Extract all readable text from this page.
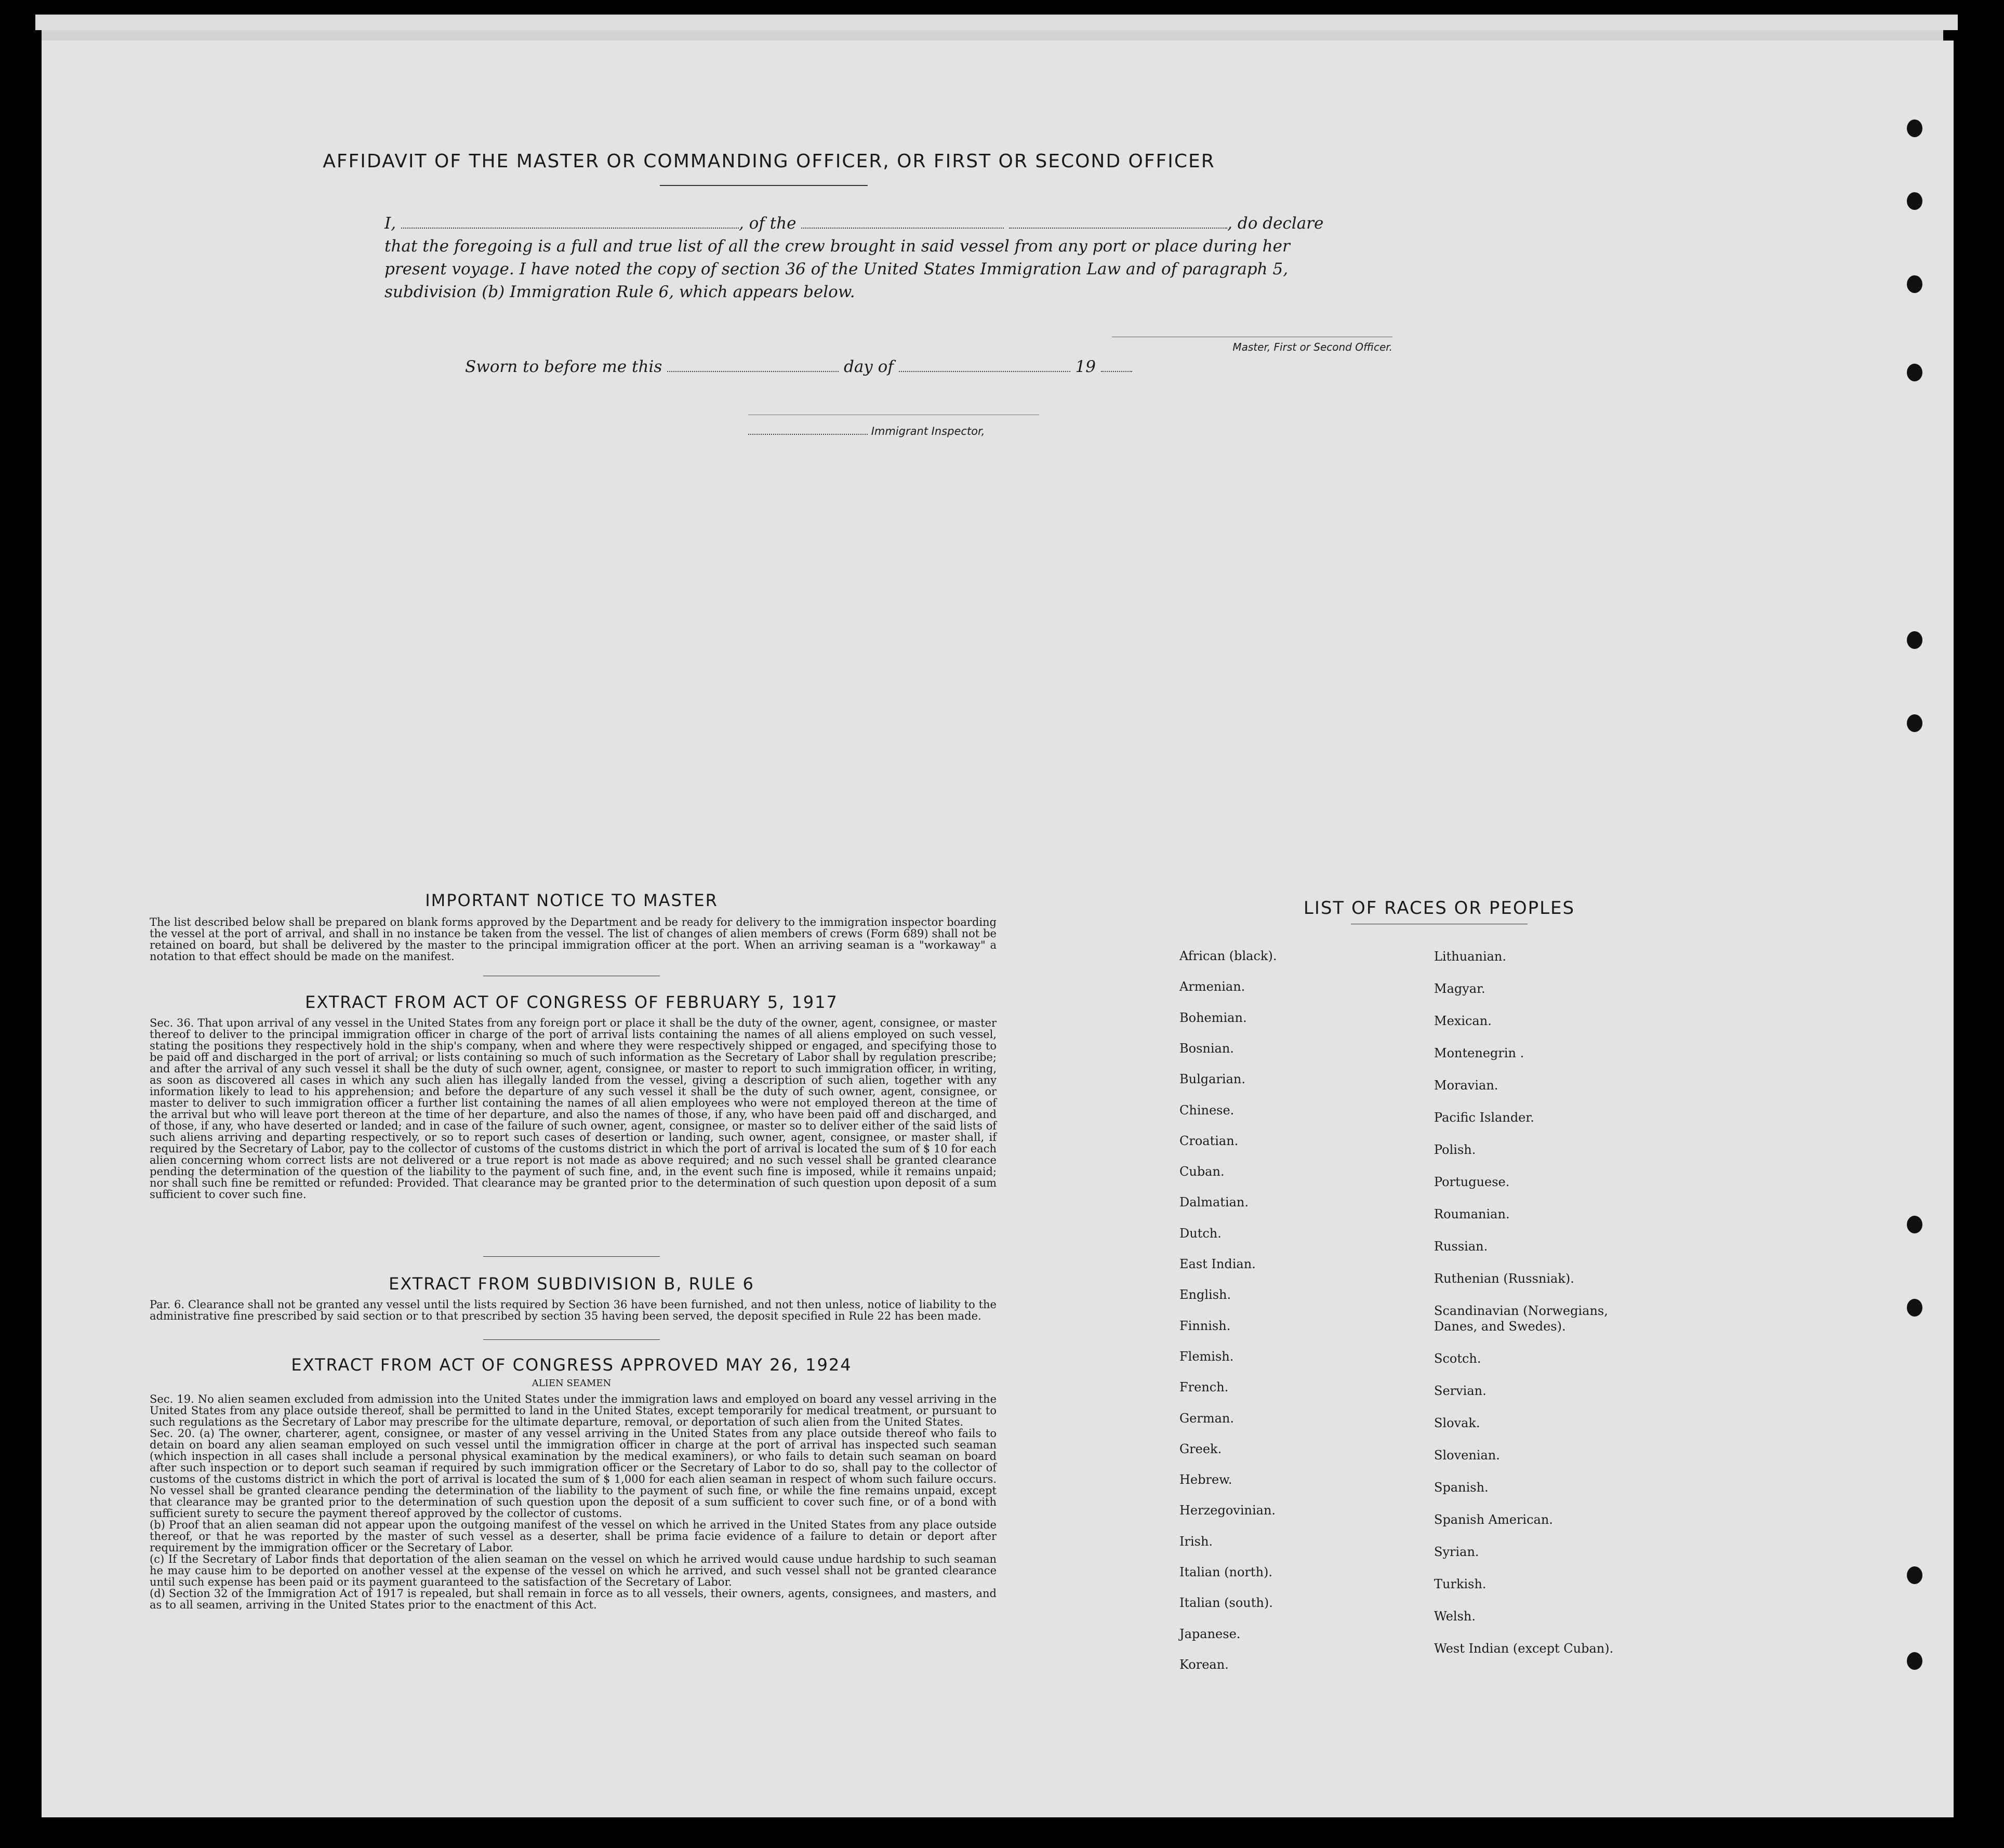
AFFIDAVIT OF THE MASTER OR COMMANDING OFFICER, OR FIRST OR SECOND OFFICER
I,	, of the	, do declare
that the foregoing is a full and true list of all the crew brought in said vessel from any port or place during her
present voyage. I have noted the copy of section 36 of the United States Immigration Law and of paragraph 5,
subdivision (b) Immigration Rule 6, which appears below.
Master, First or Second Officer.
Sworn to before me this	day of	19
Immigrant Inspector,
IMPORTANT NOTICE TO MASTER
The list described below shall be prepared on blank forms approved by the Department and be ready for delivery to the immigration inspector boarding the vessel at the port of arrival, and shall in no instance be taken from the vessel. The list of changes of alien members of crews (Form 689) shall not be retained on board, but shall be delivered by the master to the principal immigration officer at the port. When an arriving seaman is a "workaway" a notation to that effect should be made on the manifest.
EXTRACT FROM ACT OF CONGRESS OF FEBRUARY 5, 1917
Sec. 36. That upon arrival of any vessel in the United States from any foreign port or place it shall be the duty of the owner, agent, consignee, or master thereof to deliver to the principal immigration officer in charge of the port of arrival lists containing the names of all aliens employed on such vessel, stating the positions they respectively hold in the ship's company, when and where they were respectively shipped or engaged, and specifying those to be paid off and discharged in the port of arrival; or lists containing so much of such information as the Secretary of Labor shall by regulation prescribe; and after the arrival of any such vessel it shall be the duty of such owner, agent, consignee, or master to report to such immigration officer, in writing, as soon as discovered all cases in which any such alien has illegally landed from the vessel, giving a description of such alien, together with any information likely to lead to his apprehension; and before the departure of any such vessel it shall be the duty of such owner, agent, consignee, or master to deliver to such immigration officer a further list containing the names of all alien employees who were not employed thereon at the time of the arrival but who will leave port thereon at the time of her departure, and also the names of those, if any, who have been paid off and discharged, and of those, if any, who have deserted or landed; and in case of the failure of such owner, agent, consignee, or master so to deliver either of the said lists of such aliens arriving and departing respectively, or so to report such cases of desertion or landing, such owner, agent, consignee, or master shall, if required by the Secretary of Labor, pay to the collector of customs of the customs district in which the port of arrival is located the sum of $ 10 for each alien concerning whom correct lists are not delivered or a true report is not made as above required; and no such vessel shall be granted clearance pending the determination of the question of the liability to the payment of such fine, and, in the event such fine is imposed, while it remains unpaid; nor shall such fine be remitted or refunded: Provided. That clearance may be granted prior to the determination of such question upon deposit of a sum sufficient to cover such fine.
EXTRACT FROM SUBDIVISION B, RULE 6
Par. 6. Clearance shall not be granted any vessel until the lists required by Section 36 have been furnished, and not then unless, notice of liability to the administrative fine prescribed by said section or to that prescribed by section 35 having been served, the deposit specified in Rule 22 has been made.
EXTRACT FROM ACT OF CONGRESS APPROVED MAY 26, 1924
ALIEN SEAMEN
Sec. 19. No alien seamen excluded from admission into the United States under the immigration laws and employed on board any vessel arriving in the United States from any place outside thereof, shall be permitted to land in the United States, except temporarily for medical treatment, or pursuant to such regulations as the Secretary of Labor may prescribe for the ultimate departure, removal, or deportation of such alien from the United States.
Sec. 20. (a) The owner, charterer, agent, consignee, or master of any vessel arriving in the United States from any place outside thereof who fails to detain on board any alien seaman employed on such vessel until the immigration officer in charge at the port of arrival has inspected such seaman (which inspection in all cases shall include a personal physical examination by the medical examiners), or who fails to detain such seaman on board after such inspection or to deport such seaman if required by such immigration officer or the Secretary of Labor to do so, shall pay to the collector of customs of the customs district in which the port of arrival is located the sum of $ 1,000 for each alien seaman in respect of whom such failure occurs. No vessel shall be granted clearance pending the determination of the liability to the payment of such fine, or while the fine remains unpaid, except that clearance may be granted prior to the determination of such question upon the deposit of a sum sufficient to cover such fine, or of a bond with sufficient surety to secure the payment thereof approved by the collector of customs.
(b) Proof that an alien seaman did not appear upon the outgoing manifest of the vessel on which he arrived in the United States from any place outside thereof, or that he was reported by the master of such vessel as a deserter, shall be prima facie evidence of a failure to detain or deport after requirement by the immigration officer or the Secretary of Labor.
(c) If the Secretary of Labor finds that deportation of the alien seaman on the vessel on which he arrived would cause undue hardship to such seaman he may cause him to be deported on another vessel at the expense of the vessel on which he arrived, and such vessel shall not be granted clearance until such expense has been paid or its payment guaranteed to the satisfaction of the Secretary of Labor.
(d) Section 32 of the Immigration Act of 1917 is repealed, but shall remain in force as to all vessels, their owners, agents, consignees, and masters, and as to all seamen, arriving in the United States prior to the enactment of this Act.
LIST OF RACES OR PEOPLES
African (black).
Armenian.
Bohemian.
Bosnian.
Bulgarian.
Chinese.
Croatian.
Cuban.
Dalmatian.
Dutch.
East Indian.
English.
Finnish.
Flemish.
French.
German.
Greek.
Hebrew.
Herzegovinian.
Irish.
Italian (north).
Italian (south).
Japanese.
Korean.
Lithuanian.
Magyar.
Mexican.
Montenegrin .
Moravian.
Pacific Islander.
Polish.
Portuguese.
Roumanian.
Russian.
Ruthenian (Russniak).
Scandinavian (Norwegians, Danes, and Swedes).
Scotch.
Servian.
Slovak.
Slovenian.
Spanish.
Spanish American.
Syrian.
Turkish.
Welsh.
West Indian (except Cuban).
